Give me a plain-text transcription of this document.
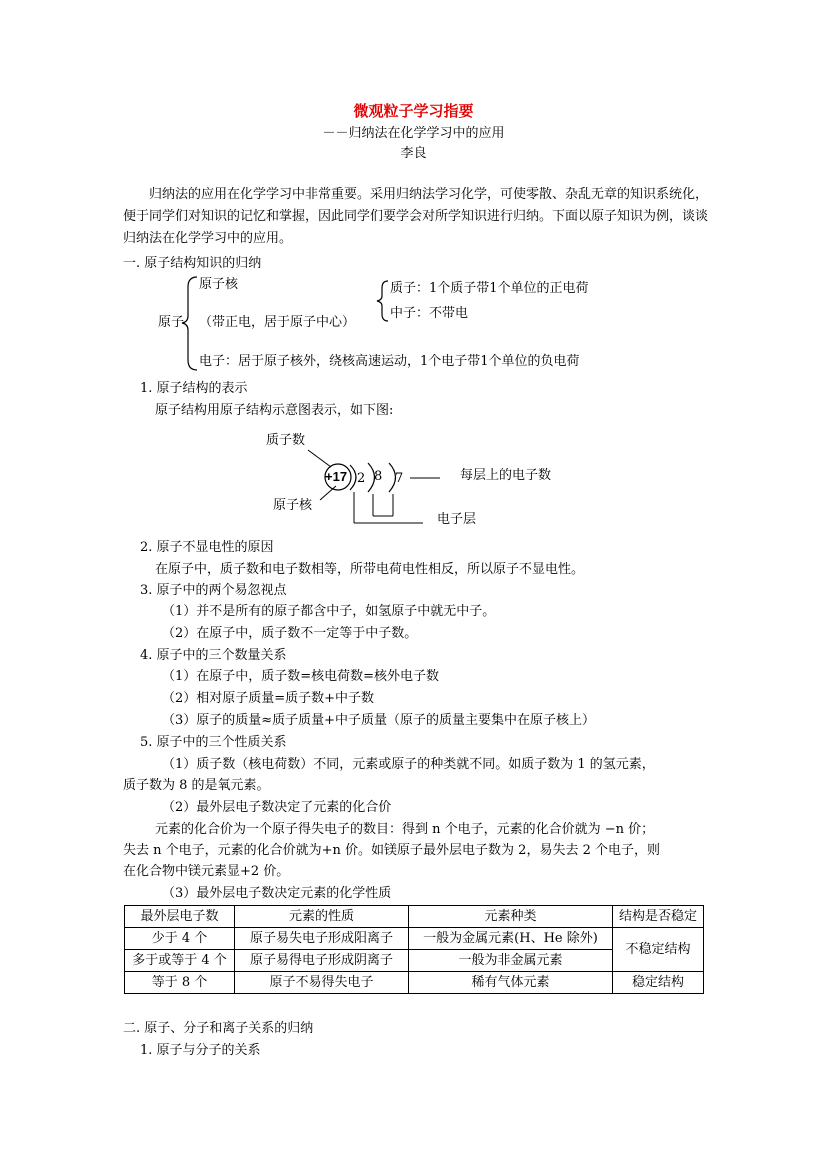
微观粒子学习指要
－－归纳法在化学学习中的应用
李良
归纳法的应用在化学学习中非常重要。采用归纳法学习化学，可使零散、杂乱无章的知识系统化，便于同学们对知识的记忆和掌握，因此同学们要学会对所学知识进行归纳。下面以原子知识为例，谈谈归纳法在化学学习中的应用。
一. 原子结构知识的归纳
原子
原子核
（带正电，居于原子中心）
质子：1个质子带1个单位的正电荷
中子：不带电
电子：居于原子核外，绕核高速运动，1个电子带1个单位的负电荷
1. 原子结构的表示
原子结构用原子结构示意图表示，如下图:
质子数
+17 2 8 7	每层上的电子数
原子核
电子层
2. 原子不显电性的原因
在原子中，质子数和电子数相等，所带电荷电性相反，所以原子不显电性。
3. 原子中的两个易忽视点
（1）并不是所有的原子都含中子，如氢原子中就无中子。
（2）在原子中，质子数不一定等于中子数。
4. 原子中的三个数量关系
（1）在原子中，质子数=核电荷数=核外电子数
（2）相对原子质量=质子数+中子数
（3）原子的质量≈质子质量+中子质量（原子的质量主要集中在原子核上）
5. 原子中的三个性质关系
（1）质子数（核电荷数）不同，元素或原子的种类就不同。如质子数为 1 的氢元素，
质子数为 8 的是氧元素。
（2）最外层电子数决定了元素的化合价
元素的化合价为一个原子得失电子的数目：得到 n 个电子，元素的化合价就为 −n 价；
失去 n 个电子，元素的化合价就为+n 价。如镁原子最外层电子数为 2，易失去 2 个电子，则
在化合物中镁元素显+2 价。
（3）最外层电子数决定元素的化学性质
最外层电子数	元素的性质	元素种类	结构是否稳定
少于 4 个	原子易失电子形成阳离子	一般为金属元素(H、He 除外)	不稳定结构
多于或等于 4 个	原子易得电子形成阴离子	一般为非金属元素	
等于 8 个	原子不易得失电子	稀有气体元素	稳定结构
二. 原子、分子和离子关系的归纳
1. 原子与分子的关系
